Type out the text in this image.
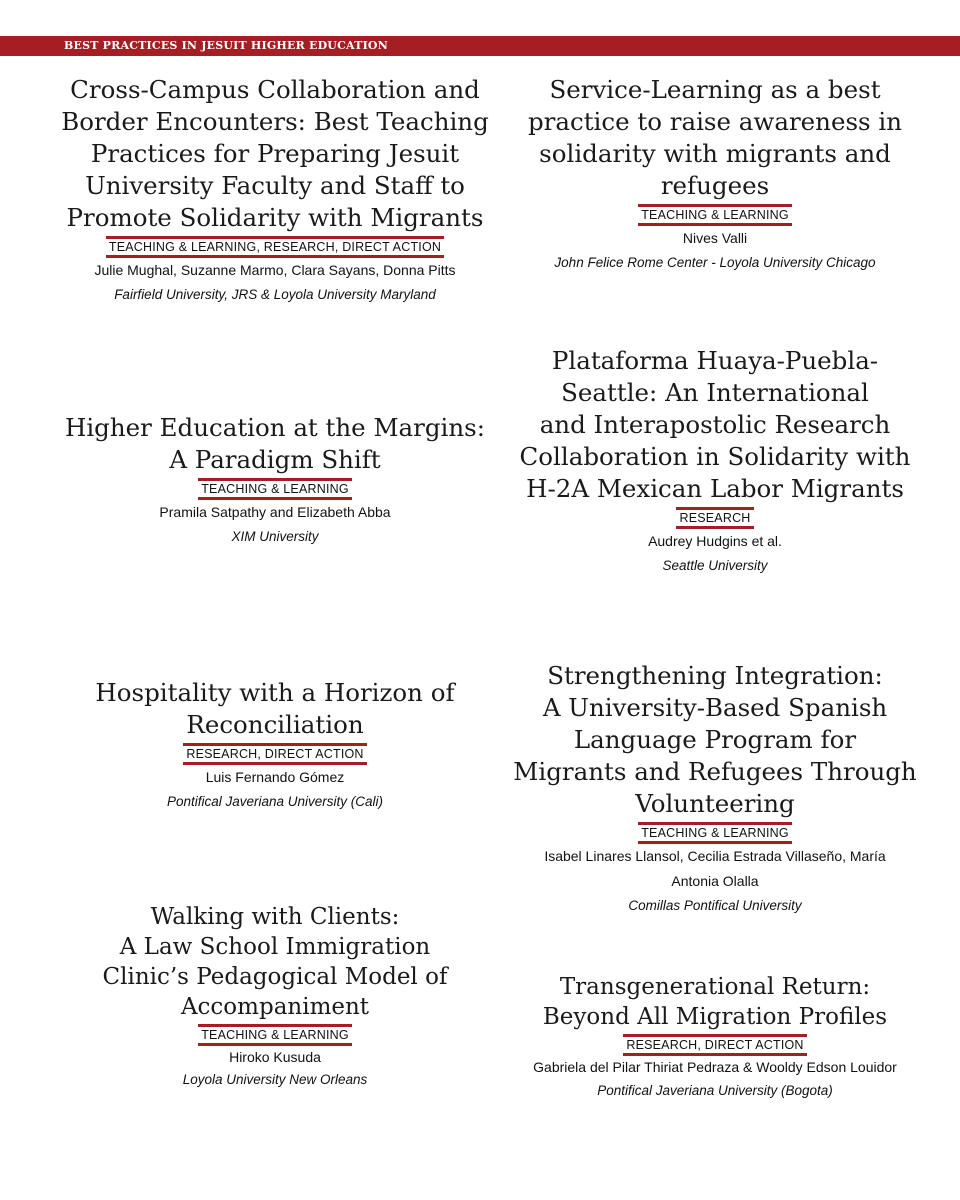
BEST PRACTICES IN JESUIT HIGHER EDUCATION
Cross-Campus Collaboration and
Border Encounters: Best Teaching
Practices for Preparing Jesuit
University Faculty and Staff to
Promote Solidarity with Migrants
TEACHING & LEARNING, RESEARCH, DIRECT ACTION
Julie Mughal, Suzanne Marmo, Clara Sayans, Donna Pitts
Fairfield University, JRS & Loyola University Maryland
Service-Learning as a best
practice to raise awareness in
solidarity with migrants and
refugees
TEACHING & LEARNING
Nives Valli
John Felice Rome Center - Loyola University Chicago
Higher Education at the Margins:
A Paradigm Shift
TEACHING & LEARNING
Pramila Satpathy and Elizabeth Abba
XIM University
Plataforma Huaya-Puebla-
Seattle: An International
and Interapostolic Research
Collaboration in Solidarity with
H-2A Mexican Labor Migrants
RESEARCH
Audrey Hudgins et al.
Seattle University
Hospitality with a Horizon of
Reconciliation
RESEARCH, DIRECT ACTION
Luis Fernando Gómez
Pontifical Javeriana University (Cali)
Strengthening Integration:
A University-Based Spanish
Language Program for
Migrants and Refugees Through
Volunteering
TEACHING & LEARNING
Isabel Linares Llansol, Cecilia Estrada Villaseño, María
Antonia Olalla
Comillas Pontifical University
Walking with Clients:
A Law School Immigration
Clinic’s Pedagogical Model of
Accompaniment
TEACHING & LEARNING
Hiroko Kusuda
Loyola University New Orleans
Transgenerational Return:
Beyond All Migration Profiles
RESEARCH, DIRECT ACTION
Gabriela del Pilar Thiriat Pedraza & Wooldy Edson Louidor
Pontifical Javeriana University (Bogota)
